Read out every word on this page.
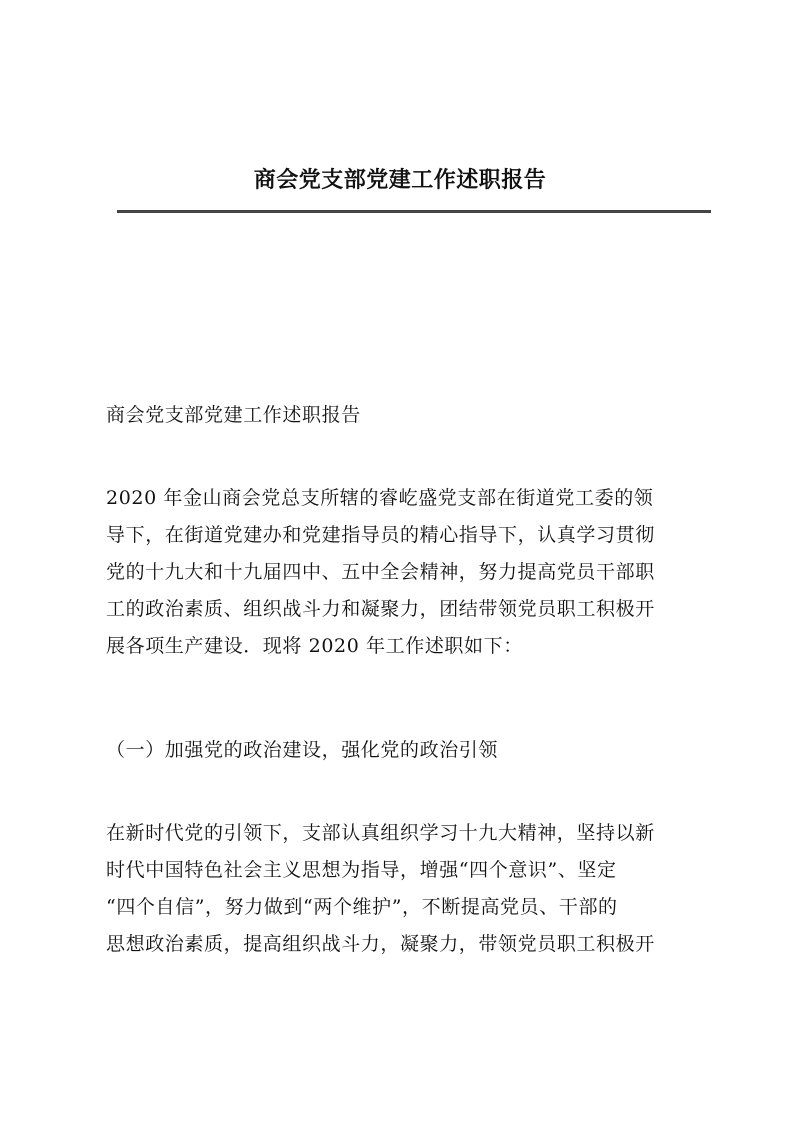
商会党支部党建工作述职报告
商会党支部党建工作述职报告
2020 年金山商会党总支所辖的睿屹盛党支部在街道党工委的领
导下，在街道党建办和党建指导员的精心指导下，认真学习贯彻
党的十九大和十九届四中、五中全会精神，努力提高党员干部职
工的政治素质、组织战斗力和凝聚力，团结带领党员职工积极开
展各项生产建设．现将 2020 年工作述职如下：
（一）加强党的政治建设，强化党的政治引领
在新时代党的引领下，支部认真组织学习十九大精神，坚持以新
时代中国特色社会主义思想为指导，增强“四个意识”、坚定
“四个自信”，努力做到“两个维护”，不断提高党员、干部的
思想政治素质，提高组织战斗力，凝聚力，带领党员职工积极开
